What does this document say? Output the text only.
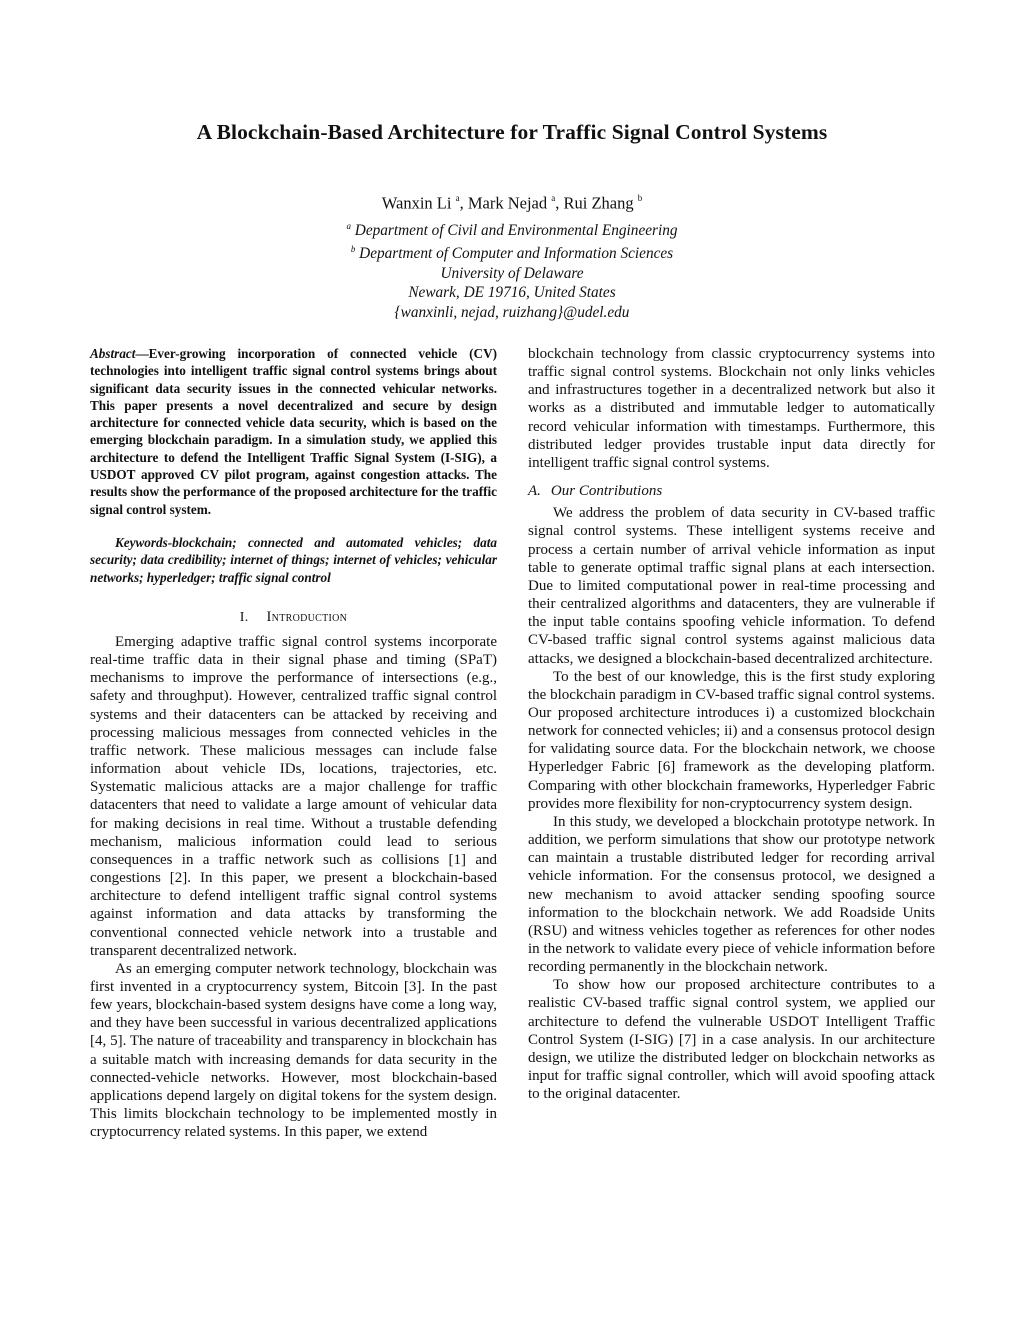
A Blockchain-Based Architecture for Traffic Signal Control Systems
Wanxin Li $^a$, Mark Nejad $^a$, Rui Zhang $^b$
$^a$ Department of Civil and Environmental Engineering
$^b$ Department of Computer and Information Sciences
University of Delaware
Newark, DE 19716, United States
{wanxinli, nejad, ruizhang}@udel.edu

Abstract—Ever-growing incorporation of connected vehicle (CV) technologies into intelligent traffic signal control systems brings about significant data security issues in the connected vehicular networks. This paper presents a novel decentralized and secure by design architecture for connected vehicle data security, which is based on the emerging blockchain paradigm. In a simulation study, we applied this architecture to defend the Intelligent Traffic Signal System (I-SIG), a USDOT approved CV pilot program, against congestion attacks. The results show the performance of the proposed architecture for the traffic signal control system.

Keywords-blockchain; connected and automated vehicles; data security; data credibility; internet of things; internet of vehicles; vehicular networks; hyperledger; traffic signal control

I. Introduction

Emerging adaptive traffic signal control systems incorporate real-time traffic data in their signal phase and timing (SPaT) mechanisms to improve the performance of intersections (e.g., safety and throughput). However, centralized traffic signal control systems and their datacenters can be attacked by receiving and processing malicious messages from connected vehicles in the traffic network. These malicious messages can include false information about vehicle IDs, locations, trajectories, etc. Systematic malicious attacks are a major challenge for traffic datacenters that need to validate a large amount of vehicular data for making decisions in real time. Without a trustable defending mechanism, malicious information could lead to serious consequences in a traffic network such as collisions [1] and congestions [2]. In this paper, we present a blockchain-based architecture to defend intelligent traffic signal control systems against information and data attacks by transforming the conventional connected vehicle network into a trustable and transparent decentralized network.

As an emerging computer network technology, blockchain was first invented in a cryptocurrency system, Bitcoin [3]. In the past few years, blockchain-based system designs have come a long way, and they have been successful in various decentralized applications [4, 5]. The nature of traceability and transparency in blockchain has a suitable match with increasing demands for data security in the connected-vehicle networks. However, most blockchain-based applications depend largely on digital tokens for the system design. This limits blockchain technology to be implemented mostly in cryptocurrency related systems. In this paper, we extend

blockchain technology from classic cryptocurrency systems into traffic signal control systems. Blockchain not only links vehicles and infrastructures together in a decentralized network but also it works as a distributed and immutable ledger to automatically record vehicular information with timestamps. Furthermore, this distributed ledger provides trustable input data directly for intelligent traffic signal control systems.

A. Our Contributions

We address the problem of data security in CV-based traffic signal control systems. These intelligent systems receive and process a certain number of arrival vehicle information as input table to generate optimal traffic signal plans at each intersection. Due to limited computational power in real-time processing and their centralized algorithms and datacenters, they are vulnerable if the input table contains spoofing vehicle information. To defend CV-based traffic signal control systems against malicious data attacks, we designed a blockchain-based decentralized architecture.

To the best of our knowledge, this is the first study exploring the blockchain paradigm in CV-based traffic signal control systems. Our proposed architecture introduces i) a customized blockchain network for connected vehicles; ii) and a consensus protocol design for validating source data. For the blockchain network, we choose Hyperledger Fabric [6] framework as the developing platform. Comparing with other blockchain frameworks, Hyperledger Fabric provides more flexibility for non-cryptocurrency system design.

In this study, we developed a blockchain prototype network. In addition, we perform simulations that show our prototype network can maintain a trustable distributed ledger for recording arrival vehicle information. For the consensus protocol, we designed a new mechanism to avoid attacker sending spoofing source information to the blockchain network. We add Roadside Units (RSU) and witness vehicles together as references for other nodes in the network to validate every piece of vehicle information before recording permanently in the blockchain network.

To show how our proposed architecture contributes to a realistic CV-based traffic signal control system, we applied our architecture to defend the vulnerable USDOT Intelligent Traffic Control System (I-SIG) [7] in a case analysis. In our architecture design, we utilize the distributed ledger on blockchain networks as input for traffic signal controller, which will avoid spoofing attack to the original datacenter.
